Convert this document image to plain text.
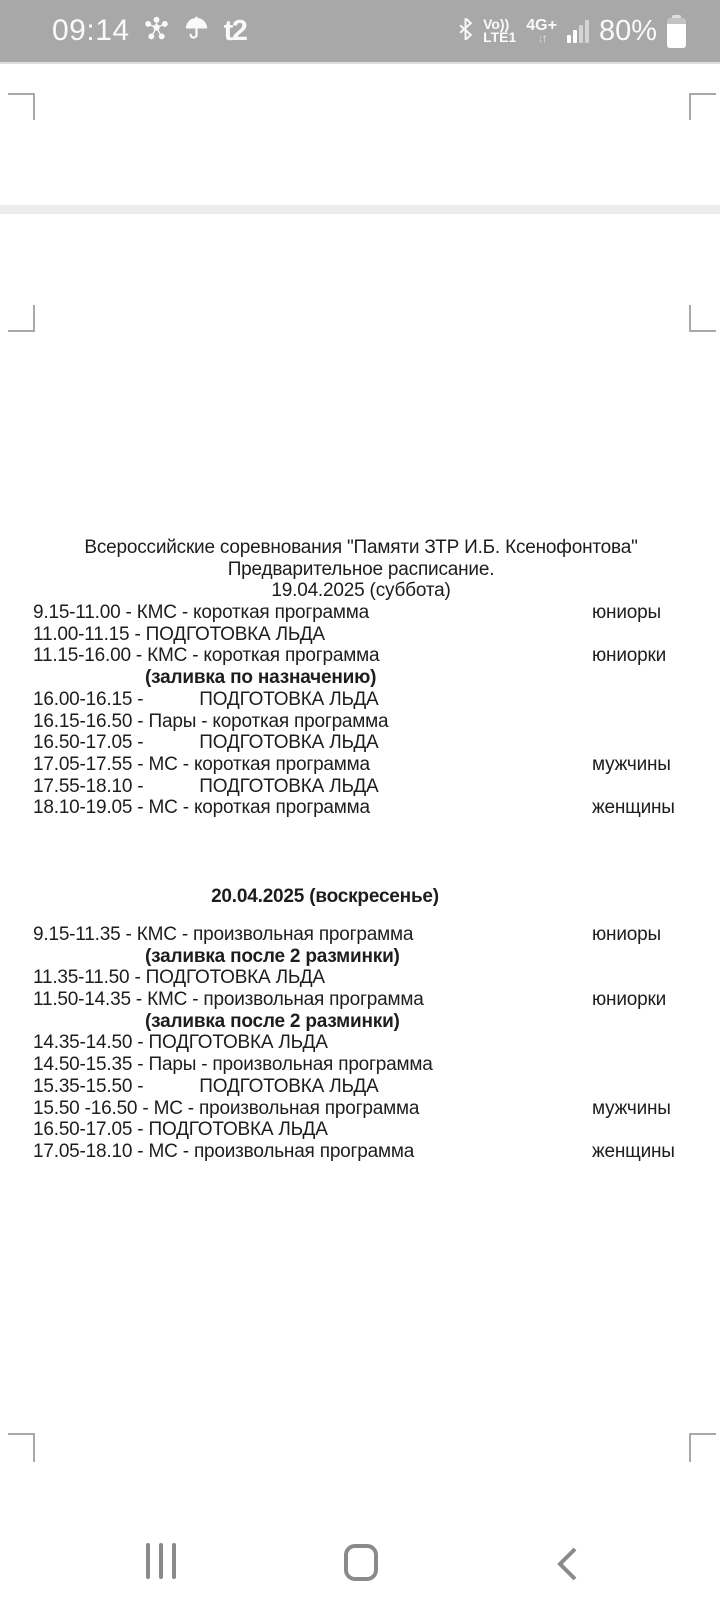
09:14	t2	Vo))
LTE1
4G+
↓↑ 80%
Всероссийские соревнования "Памяти ЗТР И.Б. Ксенофонтова"
Предварительное расписание.
19.04.2025 (суббота)
9.15-11.00 - КМС - короткая программа	юниоры
11.00-11.15 - ПОДГОТОВКА ЛЬДА
11.15-16.00 - КМС - короткая программа	юниорки
(заливка по назначению)
16.00-16.15 -           ПОДГОТОВКА ЛЬДА
16.15-16.50 - Пары - короткая программа
16.50-17.05 -           ПОДГОТОВКА ЛЬДА
17.05-17.55 - МС - короткая программа	мужчины
17.55-18.10 -           ПОДГОТОВКА ЛЬДА
18.10-19.05 - МС - короткая программа	женщины
20.04.2025 (воскресенье)
9.15-11.35 - КМС - произвольная программа	юниоры
(заливка после 2 разминки)
11.35-11.50 - ПОДГОТОВКА ЛЬДА
11.50-14.35 - КМС - произвольная программа	юниорки
(заливка после 2 разминки)
14.35-14.50 - ПОДГОТОВКА ЛЬДА
14.50-15.35 - Пары - произвольная программа
15.35-15.50 -           ПОДГОТОВКА ЛЬДА
15.50 -16.50 - МС - произвольная программа	мужчины
16.50-17.05 - ПОДГОТОВКА ЛЬДА
17.05-18.10 - МС - произвольная программа	женщины
